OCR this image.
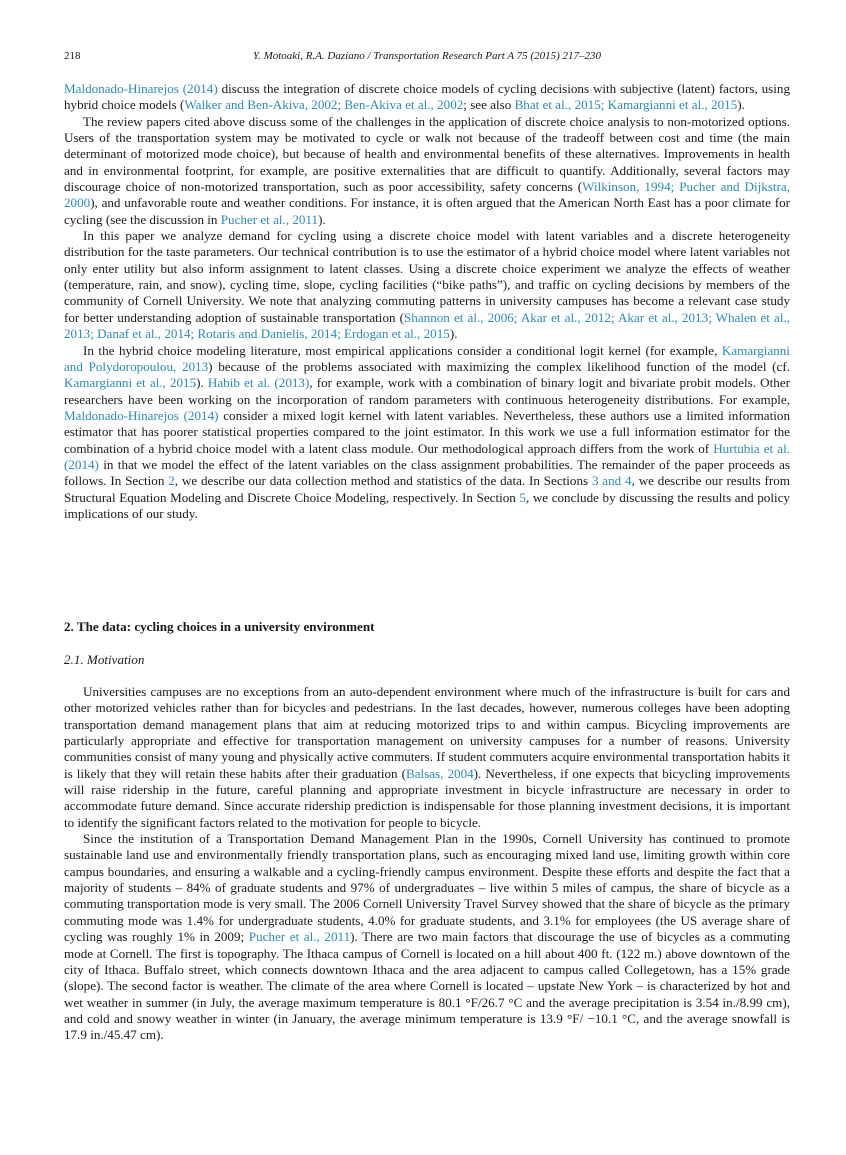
218	Y. Motoaki, R.A. Daziano / Transportation Research Part A 75 (2015) 217–230

Maldonado-Hinarejos (2014) discuss the integration of discrete choice models of cycling decisions with subjective (latent) factors, using hybrid choice models (Walker and Ben-Akiva, 2002; Ben-Akiva et al., 2002; see also Bhat et al., 2015; Kamargianni et al., 2015).

The review papers cited above discuss some of the challenges in the application of discrete choice analysis to non-motorized options. Users of the transportation system may be motivated to cycle or walk not because of the tradeoff between cost and time (the main determinant of motorized mode choice), but because of health and environmental benefits of these alternatives. Improvements in health and in environmental footprint, for example, are positive externalities that are difficult to quantify. Additionally, several factors may discourage choice of non-motorized transportation, such as poor accessibility, safety concerns (Wilkinson, 1994; Pucher and Dijkstra, 2000), and unfavorable route and weather conditions. For instance, it is often argued that the American North East has a poor climate for cycling (see the discussion in Pucher et al., 2011).

In this paper we analyze demand for cycling using a discrete choice model with latent variables and a discrete heterogeneity distribution for the taste parameters. Our technical contribution is to use the estimator of a hybrid choice model where latent variables not only enter utility but also inform assignment to latent classes. Using a discrete choice experiment we analyze the effects of weather (temperature, rain, and snow), cycling time, slope, cycling facilities (“bike paths”), and traffic on cycling decisions by members of the community of Cornell University. We note that analyzing commuting patterns in university campuses has become a relevant case study for better understanding adoption of sustainable transportation (Shannon et al., 2006; Akar et al., 2012; Akar et al., 2013; Whalen et al., 2013; Danaf et al., 2014; Rotaris and Danielis, 2014; Erdogan et al., 2015).

In the hybrid choice modeling literature, most empirical applications consider a conditional logit kernel (for example, Kamargianni and Polydoropoulou, 2013) because of the problems associated with maximizing the complex likelihood function of the model (cf. Kamargianni et al., 2015). Habib et al. (2013), for example, work with a combination of binary logit and bivariate probit models. Other researchers have been working on the incorporation of random parameters with continuous heterogeneity distributions. For example, Maldonado-Hinarejos (2014) consider a mixed logit kernel with latent variables. Nevertheless, these authors use a limited information estimator that has poorer statistical properties compared to the joint estimator. In this work we use a full information estimator for the combination of a hybrid choice model with a latent class module. Our methodological approach differs from the work of Hurtubia et al. (2014) in that we model the effect of the latent variables on the class assignment probabilities. The remainder of the paper proceeds as follows. In Section 2, we describe our data collection method and statistics of the data. In Sections 3 and 4, we describe our results from Structural Equation Modeling and Discrete Choice Modeling, respectively. In Section 5, we conclude by discussing the results and policy implications of our study.

2. The data: cycling choices in a university environment
2.1. Motivation

Universities campuses are no exceptions from an auto-dependent environment where much of the infrastructure is built for cars and other motorized vehicles rather than for bicycles and pedestrians. In the last decades, however, numerous colleges have been adopting transportation demand management plans that aim at reducing motorized trips to and within campus. Bicycling improvements are particularly appropriate and effective for transportation management on university campuses for a number of reasons. University communities consist of many young and physically active commuters. If student commuters acquire environmental transportation habits it is likely that they will retain these habits after their graduation (Balsas, 2004). Nevertheless, if one expects that bicycling improvements will raise ridership in the future, careful planning and appropriate investment in bicycle infrastructure are necessary in order to accommodate future demand. Since accurate ridership prediction is indispensable for those planning investment decisions, it is important to identify the significant factors related to the motivation for people to bicycle.

Since the institution of a Transportation Demand Management Plan in the 1990s, Cornell University has continued to promote sustainable land use and environmentally friendly transportation plans, such as encouraging mixed land use, limiting growth within core campus boundaries, and ensuring a walkable and a cycling-friendly campus environment. Despite these efforts and despite the fact that a majority of students – 84% of graduate students and 97% of undergraduates – live within 5 miles of campus, the share of bicycle as a commuting transportation mode is very small. The 2006 Cornell University Travel Survey showed that the share of bicycle as the primary commuting mode was 1.4% for undergraduate students, 4.0% for graduate students, and 3.1% for employees (the US average share of cycling was roughly 1% in 2009; Pucher et al., 2011). There are two main factors that discourage the use of bicycles as a commuting mode at Cornell. The first is topography. The Ithaca campus of Cornell is located on a hill about 400 ft. (122 m.) above downtown of the city of Ithaca. Buffalo street, which connects downtown Ithaca and the area adjacent to campus called Collegetown, has a 15% grade (slope). The second factor is weather. The climate of the area where Cornell is located – upstate New York – is characterized by hot and wet weather in summer (in July, the average maximum temperature is 80.1 °F/26.7 °C and the average precipitation is 3.54 in./8.99 cm), and cold and snowy weather in winter (in January, the average minimum temperature is 13.9 °F/ −10.1 °C, and the average snowfall is 17.9 in./45.47 cm).
